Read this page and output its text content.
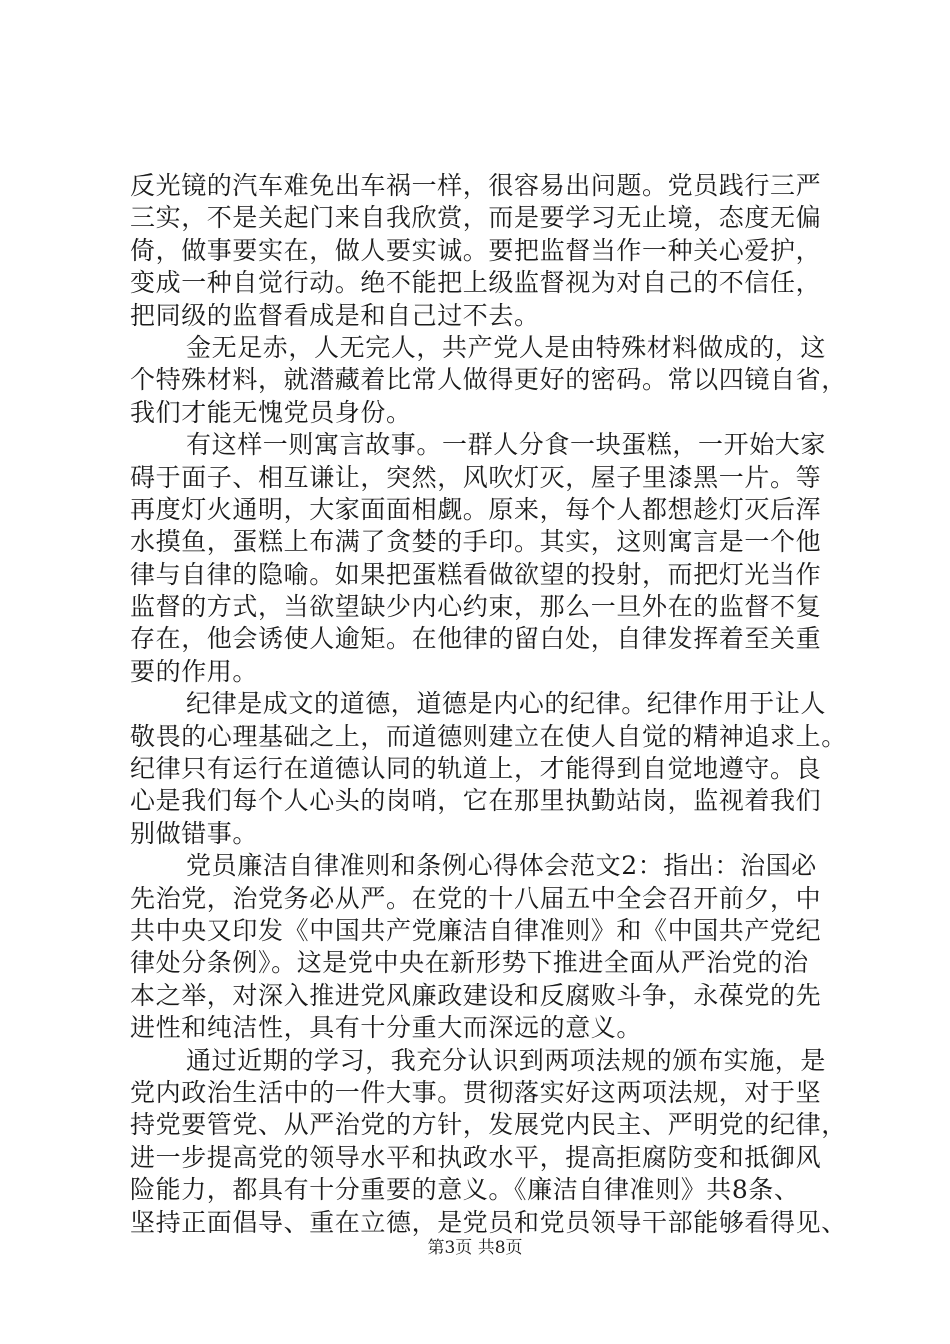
反光镜的汽车难免出车祸一样，很容易出问题。党员践行三严
三实，不是关起门来自我欣赏，而是要学习无止境，态度无偏
倚，做事要实在，做人要实诚。要把监督当作一种关心爱护，
变成一种自觉行动。绝不能把上级监督视为对自己的不信任，
把同级的监督看成是和自己过不去。
金无足赤，人无完人，共产党人是由特殊材料做成的，这
个特殊材料，就潜藏着比常人做得更好的密码。常以四镜自省，
我们才能无愧党员身份。
有这样一则寓言故事。一群人分食一块蛋糕，一开始大家
碍于面子、相互谦让，突然，风吹灯灭，屋子里漆黑一片。等
再度灯火通明，大家面面相觑。原来，每个人都想趁灯灭后浑
水摸鱼，蛋糕上布满了贪婪的手印。其实，这则寓言是一个他
律与自律的隐喻。如果把蛋糕看做欲望的投射，而把灯光当作
监督的方式，当欲望缺少内心约束，那么一旦外在的监督不复
存在，他会诱使人逾矩。在他律的留白处，自律发挥着至关重
要的作用。
纪律是成文的道德，道德是内心的纪律。纪律作用于让人
敬畏的心理基础之上，而道德则建立在使人自觉的精神追求上。
纪律只有运行在道德认同的轨道上，才能得到自觉地遵守。良
心是我们每个人心头的岗哨，它在那里执勤站岗，监视着我们
别做错事。
党员廉洁自律准则和条例心得体会范文2：指出：治国必
先治党，治党务必从严。在党的十八届五中全会召开前夕，中
共中央又印发《中国共产党廉洁自律准则》和《中国共产党纪
律处分条例》。这是党中央在新形势下推进全面从严治党的治
本之举，对深入推进党风廉政建设和反腐败斗争，永葆党的先
进性和纯洁性，具有十分重大而深远的意义。
通过近期的学习，我充分认识到两项法规的颁布实施，是
党内政治生活中的一件大事。贯彻落实好这两项法规，对于坚
持党要管党、从严治党的方针，发展党内民主、严明党的纪律，
进一步提高党的领导水平和执政水平，提高拒腐防变和抵御风
险能力，都具有十分重要的意义。《廉洁自律准则》共8条、
坚持正面倡导、重在立德，是党员和党员领导干部能够看得见、
第3页 共8页
